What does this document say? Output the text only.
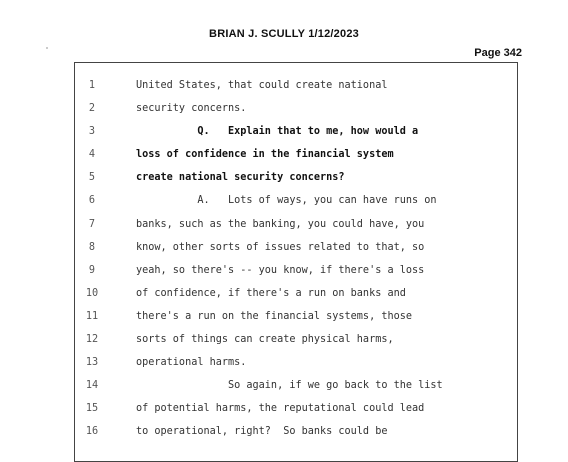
BRIAN J. SCULLY 1/12/2023
Page 342
1	United States, that could create national
2	security concerns.
3	Q.   Explain that to me, how would a
4	loss of confidence in the financial system
5	create national security concerns?
6	A.   Lots of ways, you can have runs on
7	banks, such as the banking, you could have, you
8	know, other sorts of issues related to that, so
9	yeah, so there's -- you know, if there's a loss
10	of confidence, if there's a run on banks and
11	there's a run on the financial systems, those
12	sorts of things can create physical harms,
13	operational harms.
14	So again, if we go back to the list
15	of potential harms, the reputational could lead
16	to operational, right?  So banks could be
